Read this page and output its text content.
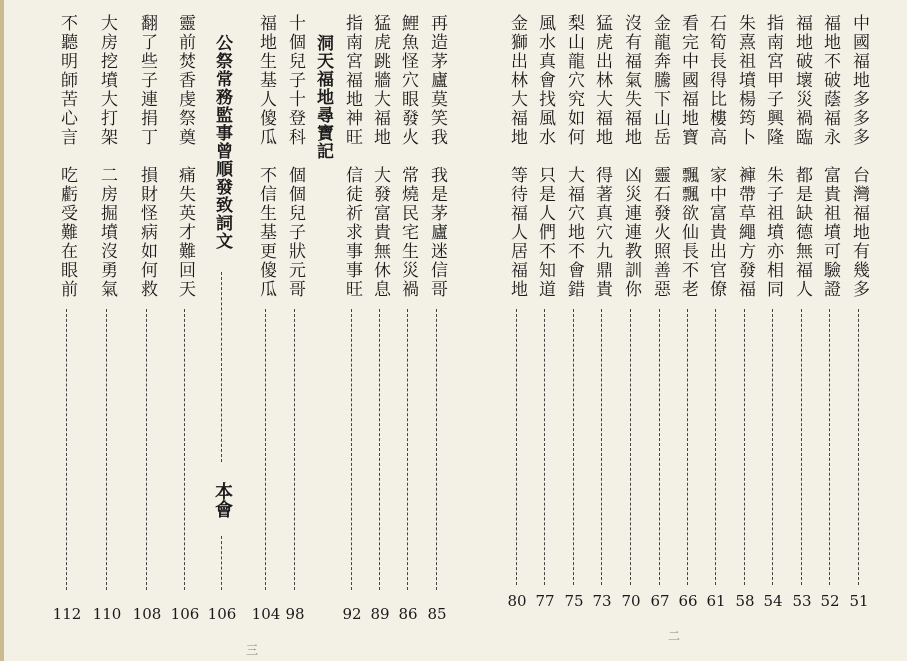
中國福地多多多台灣福地有幾多
51
福地不破蔭福永富貴祖墳可驗證
52
福地破壞災禍臨都是缺德無福人
53
指南宮甲子興隆朱子祖墳亦相同
54
朱熹祖墳楊筠卜褲帶草繩方發福
58
石筍長得比樓高家中富貴出官僚
61
看完中國福地寶飄飄欲仙長不老
66
金龍奔騰下山岳靈石發火照善惡
67
沒有福氣失福地凶災連連教訓你
70
猛虎出林大福地得著真穴九鼎貴
73
梨山龍穴究如何大福穴地不會錯
75
風水真會找風水只是人們不知道
77
金獅出林大福地等待福人居福地
80
再造茅廬莫笑我我是茅廬迷信哥
85
鯉魚怪穴眼發火常燒民宅生災禍
86
猛虎跳牆大福地大發富貴無休息
89
指南宮福地神旺信徒祈求事事旺
92
洞天福地尋寶記
十個兒子十登科個個兒子狀元哥
98
福地生基人傻瓜不信生基更傻瓜
104
公祭常務監事曾順發致詞文
本會
106
靈前焚香虔祭奠痛失英才難回天
106
翻了些子連捐丁損財怪病如何救
108
大房挖墳大打架二房掘墳沒勇氣
110
不聽明師苦心言吃虧受難在眼前
112
三
二
